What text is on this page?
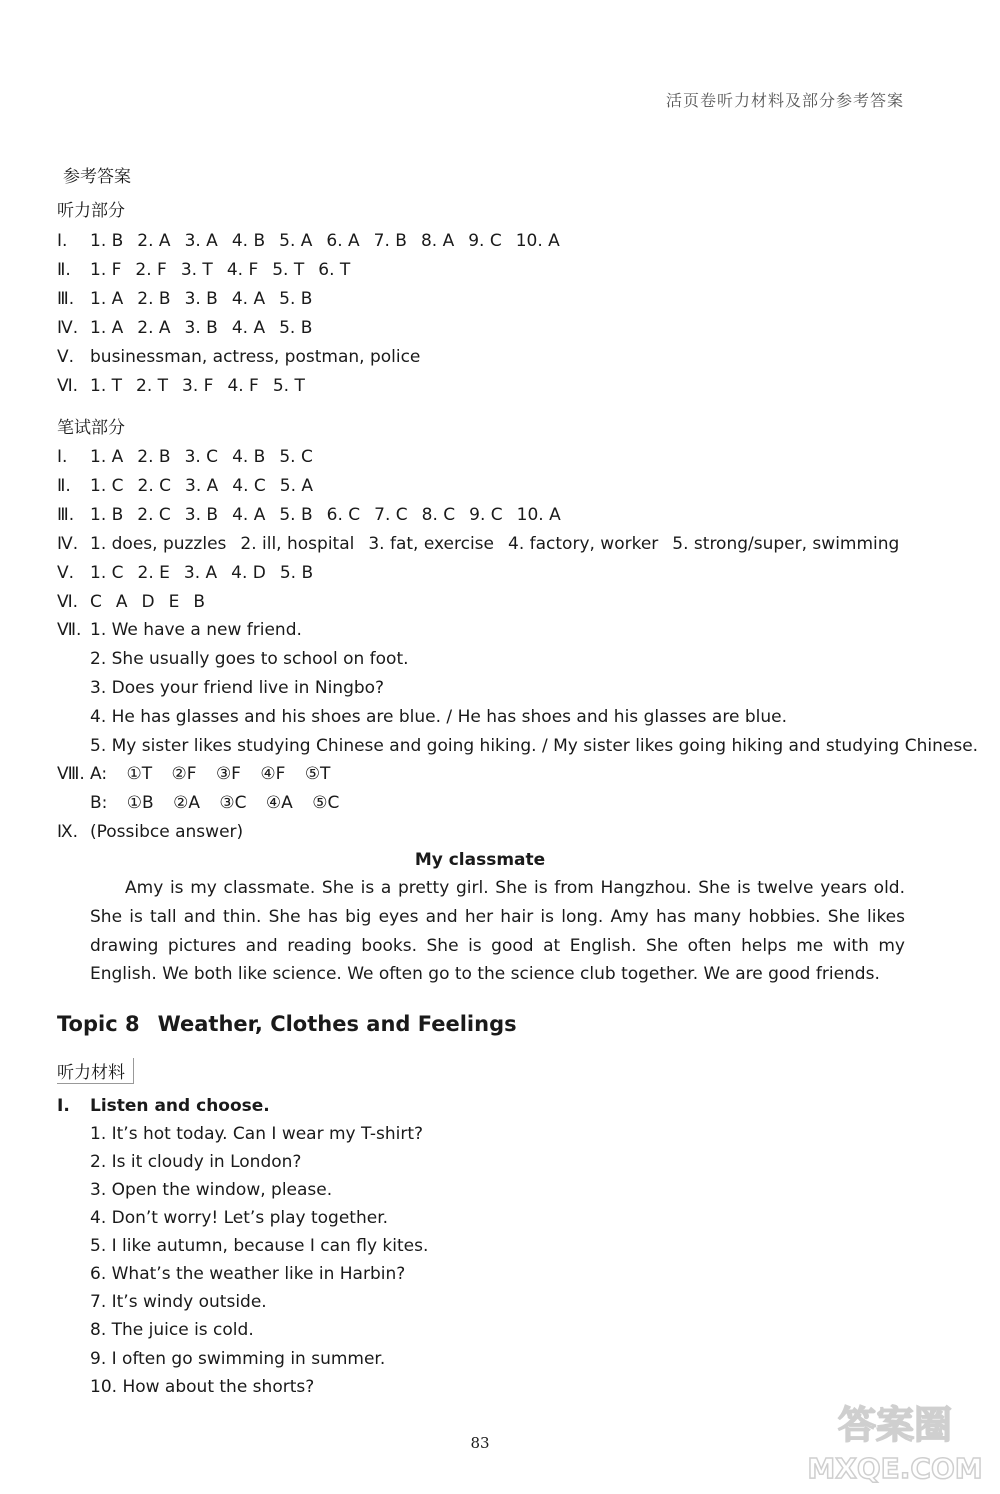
活页卷听力材料及部分参考答案
参考答案
听力部分
Ⅰ. 1. B 2. A 3. A 4. B 5. A 6. A 7. B 8. A 9. C 10. A
Ⅱ. 1. F 2. F 3. T 4. F 5. T 6. T
Ⅲ. 1. A 2. B 3. B 4. A 5. B
Ⅳ. 1. A 2. A 3. B 4. A 5. B
Ⅴ. businessman, actress, postman, police
Ⅵ. 1. T 2. T 3. F 4. F 5. T
笔试部分
Ⅰ. 1. A 2. B 3. C 4. B 5. C
Ⅱ. 1. C 2. C 3. A 4. C 5. A
Ⅲ. 1. B 2. C 3. B 4. A 5. B 6. C 7. C 8. C 9. C 10. A
Ⅳ. 1. does, puzzles 2. ill, hospital 3. fat, exercise 4. factory, worker 5. strong/super, swimming
Ⅴ. 1. C 2. E 3. A 4. D 5. B
Ⅵ. C A D E B
Ⅶ. 1. We have a new friend.
2. She usually goes to school on foot.
3. Does your friend live in Ningbo?
4. He has glasses and his shoes are blue. / He has shoes and his glasses are blue.
5. My sister likes studying Chinese and going hiking. / My sister likes going hiking and studying Chinese.
Ⅷ. A: ①T ②F ③F ④F ⑤T
B: ①B ②A ③C ④A ⑤C
Ⅸ. (Possibce answer)
My classmate
Amy is my classmate. She is a pretty girl. She is from Hangzhou. She is twelve years old. She is tall and thin. She has big eyes and her hair is long. Amy has many hobbies. She likes drawing pictures and reading books. She is good at English. She often helps me with my English. We both like science. We often go to the science club together. We are good friends.
Topic 8 Weather, Clothes and Feelings
听力材料
Ⅰ. Listen and choose.
1. It’s hot today. Can I wear my T-shirt?
2. Is it cloudy in London?
3. Open the window, please.
4. Don’t worry! Let’s play together.
5. I like autumn, because I can fly kites.
6. What’s the weather like in Harbin?
7. It’s windy outside.
8. The juice is cold.
9. I often go swimming in summer.
10. How about the shorts?
83	答案圈
MXQE.COM
